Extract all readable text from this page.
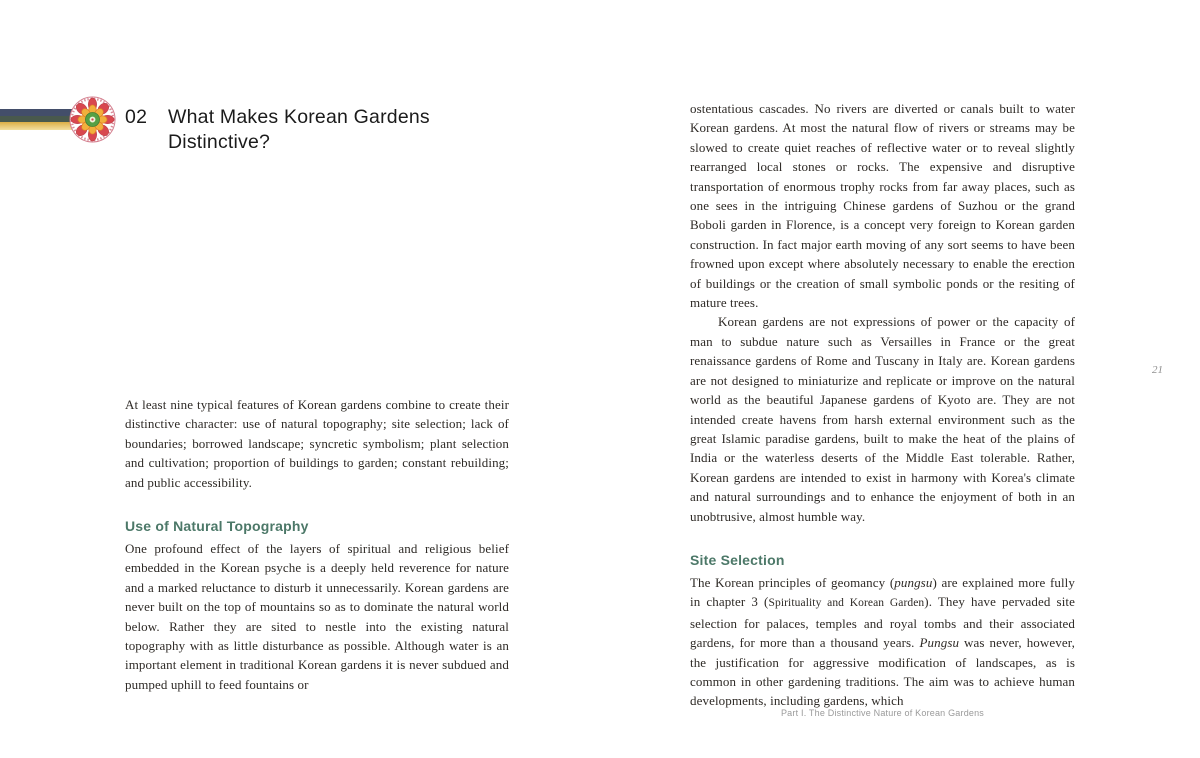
02	What Makes Korean Gardens
Distinctive?

At least nine typical features of Korean gardens combine to create their distinctive character: use of natural topography; site selection; lack of boundaries; borrowed landscape; syncretic symbolism; plant selection and cultivation; proportion of buildings to garden; constant rebuilding; and public accessibility.

Use of Natural Topography

One profound effect of the layers of spiritual and religious belief embedded in the Korean psyche is a deeply held reverence for nature and a marked reluctance to disturb it unnecessarily. Korean gardens are never built on the top of mountains so as to dominate the natural world below. Rather they are sited to nestle into the existing natural topography with as little disturbance as possible. Although water is an important element in traditional Korean gardens it is never subdued and pumped uphill to feed fountains or

ostentatious cascades. No rivers are diverted or canals built to water Korean gardens. At most the natural flow of rivers or streams may be slowed to create quiet reaches of reflective water or to reveal slightly rearranged local stones or rocks. The expensive and disruptive transportation of enormous trophy rocks from far away places, such as one sees in the intriguing Chinese gardens of Suzhou or the grand Boboli garden in Florence, is a concept very foreign to Korean garden construction. In fact major earth moving of any sort seems to have been frowned upon except where absolutely necessary to enable the erection of buildings or the creation of small symbolic ponds or the resiting of mature trees.

Korean gardens are not expressions of power or the capacity of man to subdue nature such as Versailles in France or the great renaissance gardens of Rome and Tuscany in Italy are. Korean gardens are not designed to miniaturize and replicate or improve on the natural world as the beautiful Japanese gardens of Kyoto are. They are not intended create havens from harsh external environment such as the great Islamic paradise gardens, built to make the heat of the plains of India or the waterless deserts of the Middle East tolerable. Rather, Korean gardens are intended to exist in harmony with Korea's climate and natural surroundings and to enhance the enjoyment of both in an unobtrusive, almost humble way.

Site Selection

The Korean principles of geomancy (pungsu) are explained more fully in chapter 3 (Spirituality and Korean Garden). They have pervaded site selection for palaces, temples and royal tombs and their associated gardens, for more than a thousand years. Pungsu was never, however, the justification for aggressive modification of landscapes, as is common in other gardening traditions. The aim was to achieve human developments, including gardens, which

21
Part I. The Distinctive Nature of Korean Gardens
